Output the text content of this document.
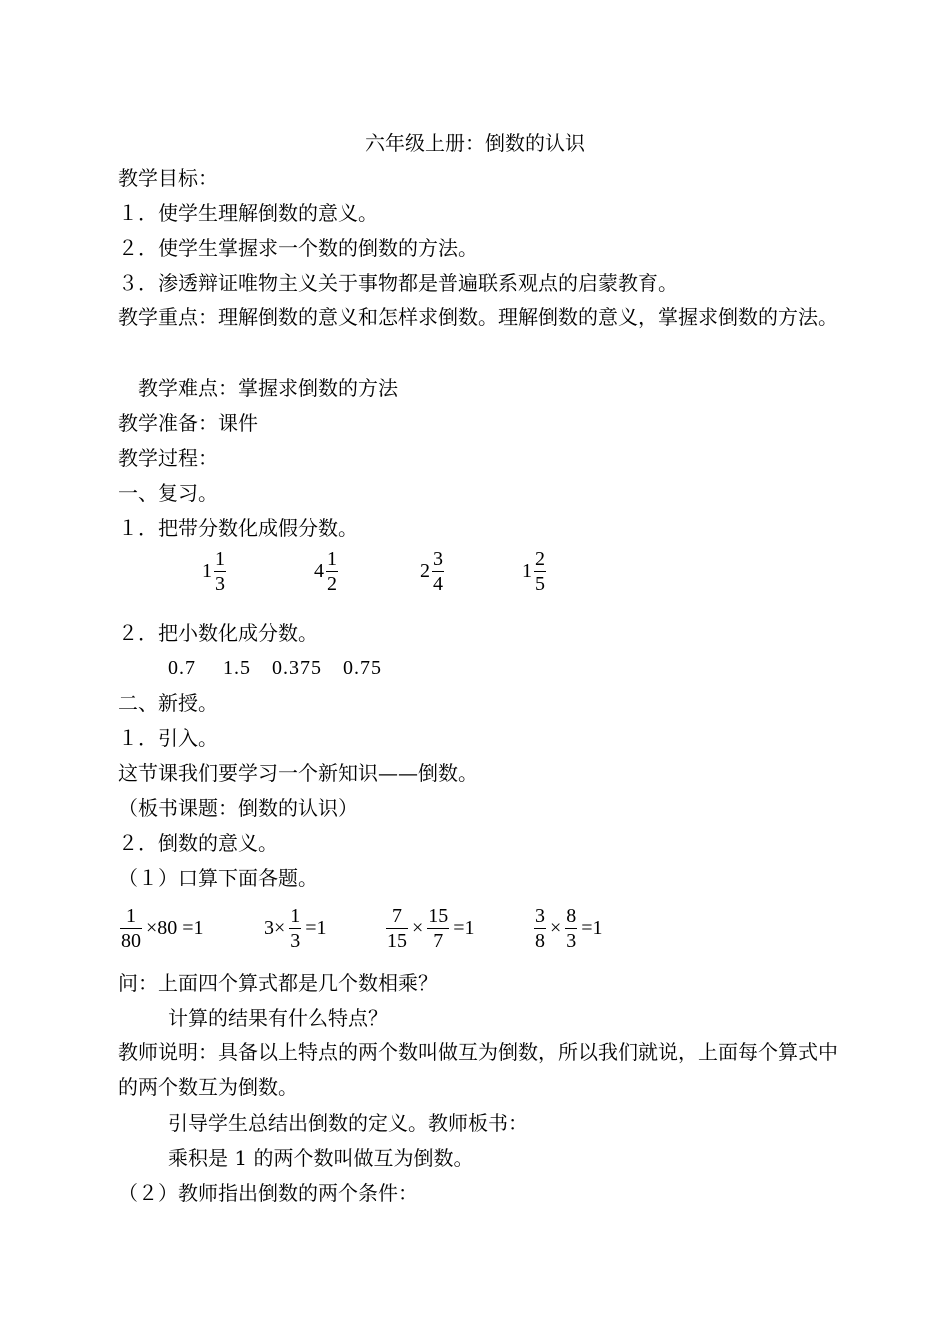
六年级上册：倒数的认识
教学目标：
１．使学生理解倒数的意义。
２．使学生掌握求一个数的倒数的方法。
３．渗透辩证唯物主义关于事物都是普遍联系观点的启蒙教育。
教学重点：理解倒数的意义和怎样求倒数。理解倒数的意义，掌握求倒数的方法。
教学难点：掌握求倒数的方法
教学准备：课件
教学过程：
一、复习。
１．把带分数化成假分数。
$1 \frac{1}{3}$	$4 \frac{1}{2}$	$2 \frac{3}{4}$	$1 \frac{2}{5}$
２．把小数化成分数。
0.7　 1.5　0.375　0.75
二、新授。
１．引入。
这节课我们要学习一个新知识——倒数。
（板书课题：倒数的认识）
２．倒数的意义。
（１）口算下面各题。
$\frac{1}{80} \times 80 =1$	$3\times \frac{1}{3} =1$	$\frac{7}{15} \times \frac{15}{7} =1$	$\frac{3}{8} \times \frac{8}{3} =1$
问：上面四个算式都是几个数相乘？
计算的结果有什么特点？
教师说明：具备以上特点的两个数叫做互为倒数，所以我们就说，上面每个算式中的两个数互为倒数。
引导学生总结出倒数的定义。教师板书：
乘积是 1 的两个数叫做互为倒数。
（２）教师指出倒数的两个条件：
